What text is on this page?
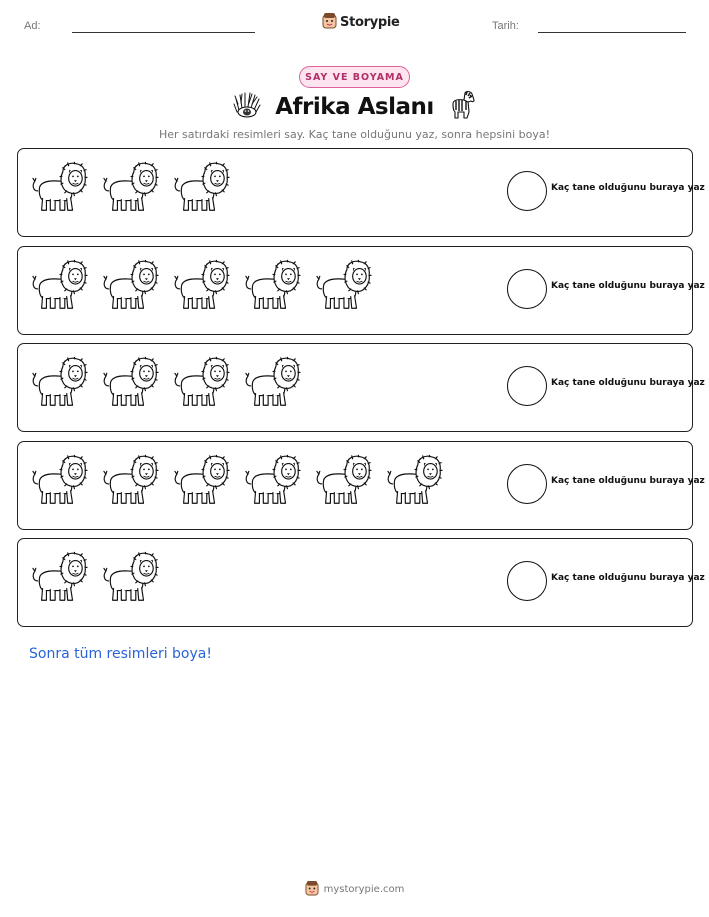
Ad:	Storypie	Tarih:
SAY VE BOYAMA
Afrika Aslanı
Her satırdaki resimleri say. Kaç tane olduğunu yaz, sonra hepsini boya!
Kaç tane olduğunu buraya yaz
Kaç tane olduğunu buraya yaz
Kaç tane olduğunu buraya yaz
Kaç tane olduğunu buraya yaz
Kaç tane olduğunu buraya yaz
Sonra tüm resimleri boya!
mystorypie.com
